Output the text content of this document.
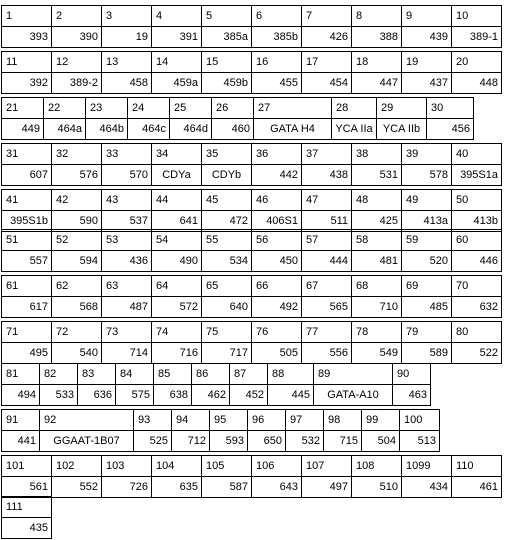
1	2	3	4	5	6	7	8	9	10
393	390	19	391	385a	385b	426	388	439	389-1
11	12	13	14	15	16	17	18	19	20
392	389-2	458	459a	459b	455	454	447	437	448
21	22	23	24	25	26	27	28	29	30
449	464a	464b	464c	464d	460	GATA H4	YCA IIa	YCA IIb	456
31	32	33	34	35	36	37	38	39	40
607	576	570	CDYa	CDYb	442	438	531	578	395S1a
41	42	43	44	45	46	47	48	49	50
395S1b	590	537	641	472	406S1	511	425	413a	413b
51	52	53	54	55	56	57	58	59	60
557	594	436	490	534	450	444	481	520	446
61	62	63	64	65	66	67	68	69	70
617	568	487	572	640	492	565	710	485	632
71	72	73	74	75	76	77	78	79	80
495	540	714	716	717	505	556	549	589	522
81	82	83	84	85	86	87	88	89	90
494	533	636	575	638	462	452	445	GATA-A10	463
91	92	93	94	95	96	97	98	99	100
441	GGAAT-1B07	525	712	593	650	532	715	504	513
101	102	103	104	105	106	107	108	1099	110
561	552	726	635	587	643	497	510	434	461
111
435
